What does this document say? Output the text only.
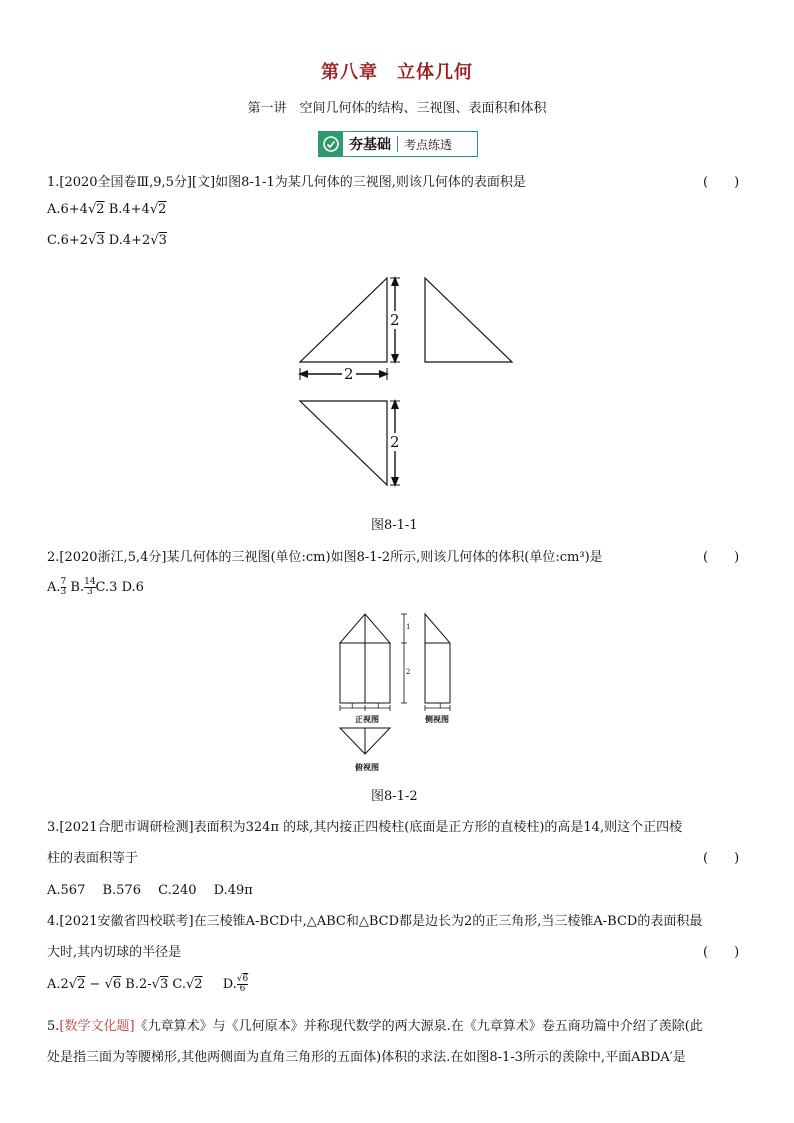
第八章　立体几何
第一讲　空间几何体的结构、三视图、表面积和体积
夯基础	考点练透
1.[2020全国卷Ⅲ,9,5分][文]如图8-1-1为某几何体的三视图,则该几何体的表面积是	(　　)
A.6+4√2 B.4+4√2
C.6+2√3 D.4+2√3
2
2
2
图8-1-1
2.[2020浙江,5,4分]某几何体的三视图(单位:cm)如图8-1-2所示,则该几何体的体积(单位:cm³)是	(　　)
A. $\frac{7}{3} B$. $\frac{14}{3} C.3$ D.6
1	1
1
2
1
正视图	侧视图
俯视图
图8-1-2
3.[2021合肥市调研检测]表面积为324π 的球,其内接正四棱柱(底面是正方形的直棱柱)的高是14,则这个正四棱
柱的表面积等于	(　　)
A.567　 B.576　 C.240　 D.49π
4.[2021安徽省四校联考]在三棱锥A-BCD中,△ABC和△BCD都是边长为2的正三角形,当三棱锥A-BCD的表面积最
大时,其内切球的半径是	(　　)
A.2√2 − √6 B.2-√3 C.√2 D. $\frac{√6}{6}$
5.[数学文化题]《九章算术》与《几何原本》并称现代数学的两大源泉.在《九章算术》卷五商功篇中介绍了羡除(此
处是指三面为等腰梯形,其他两侧面为直角三角形的五面体)体积的求法.在如图8-1-3所示的羡除中,平面ABDA′是
